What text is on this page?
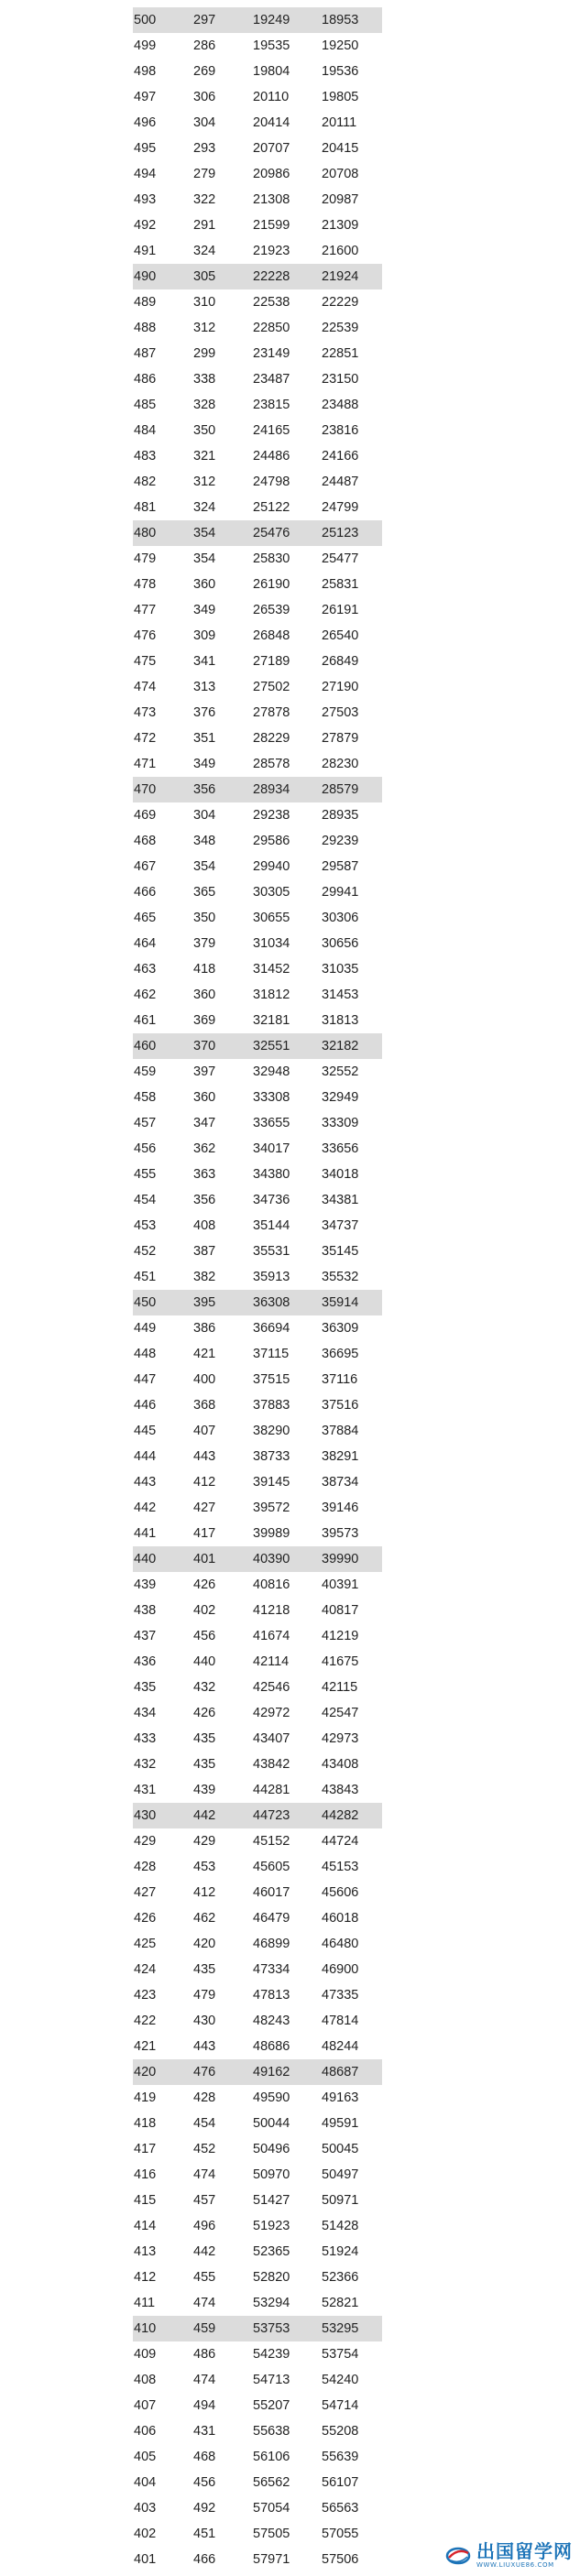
500	297	19249	18953
499	286	19535	19250
498	269	19804	19536
497	306	20110	19805
496	304	20414	20111
495	293	20707	20415
494	279	20986	20708
493	322	21308	20987
492	291	21599	21309
491	324	21923	21600
490	305	22228	21924
489	310	22538	22229
488	312	22850	22539
487	299	23149	22851
486	338	23487	23150
485	328	23815	23488
484	350	24165	23816
483	321	24486	24166
482	312	24798	24487
481	324	25122	24799
480	354	25476	25123
479	354	25830	25477
478	360	26190	25831
477	349	26539	26191
476	309	26848	26540
475	341	27189	26849
474	313	27502	27190
473	376	27878	27503
472	351	28229	27879
471	349	28578	28230
470	356	28934	28579
469	304	29238	28935
468	348	29586	29239
467	354	29940	29587
466	365	30305	29941
465	350	30655	30306
464	379	31034	30656
463	418	31452	31035
462	360	31812	31453
461	369	32181	31813
460	370	32551	32182
459	397	32948	32552
458	360	33308	32949
457	347	33655	33309
456	362	34017	33656
455	363	34380	34018
454	356	34736	34381
453	408	35144	34737
452	387	35531	35145
451	382	35913	35532
450	395	36308	35914
449	386	36694	36309
448	421	37115	36695
447	400	37515	37116
446	368	37883	37516
445	407	38290	37884
444	443	38733	38291
443	412	39145	38734
442	427	39572	39146
441	417	39989	39573
440	401	40390	39990
439	426	40816	40391
438	402	41218	40817
437	456	41674	41219
436	440	42114	41675
435	432	42546	42115
434	426	42972	42547
433	435	43407	42973
432	435	43842	43408
431	439	44281	43843
430	442	44723	44282
429	429	45152	44724
428	453	45605	45153
427	412	46017	45606
426	462	46479	46018
425	420	46899	46480
424	435	47334	46900
423	479	47813	47335
422	430	48243	47814
421	443	48686	48244
420	476	49162	48687
419	428	49590	49163
418	454	50044	49591
417	452	50496	50045
416	474	50970	50497
415	457	51427	50971
414	496	51923	51428
413	442	52365	51924
412	455	52820	52366
411	474	53294	52821
410	459	53753	53295
409	486	54239	53754
408	474	54713	54240
407	494	55207	54714
406	431	55638	55208
405	468	56106	55639
404	456	56562	56107
403	492	57054	56563
402	451	57505	57055
401	466	57971	57506	出国留学网
WWW.LIUXUE86.COM
